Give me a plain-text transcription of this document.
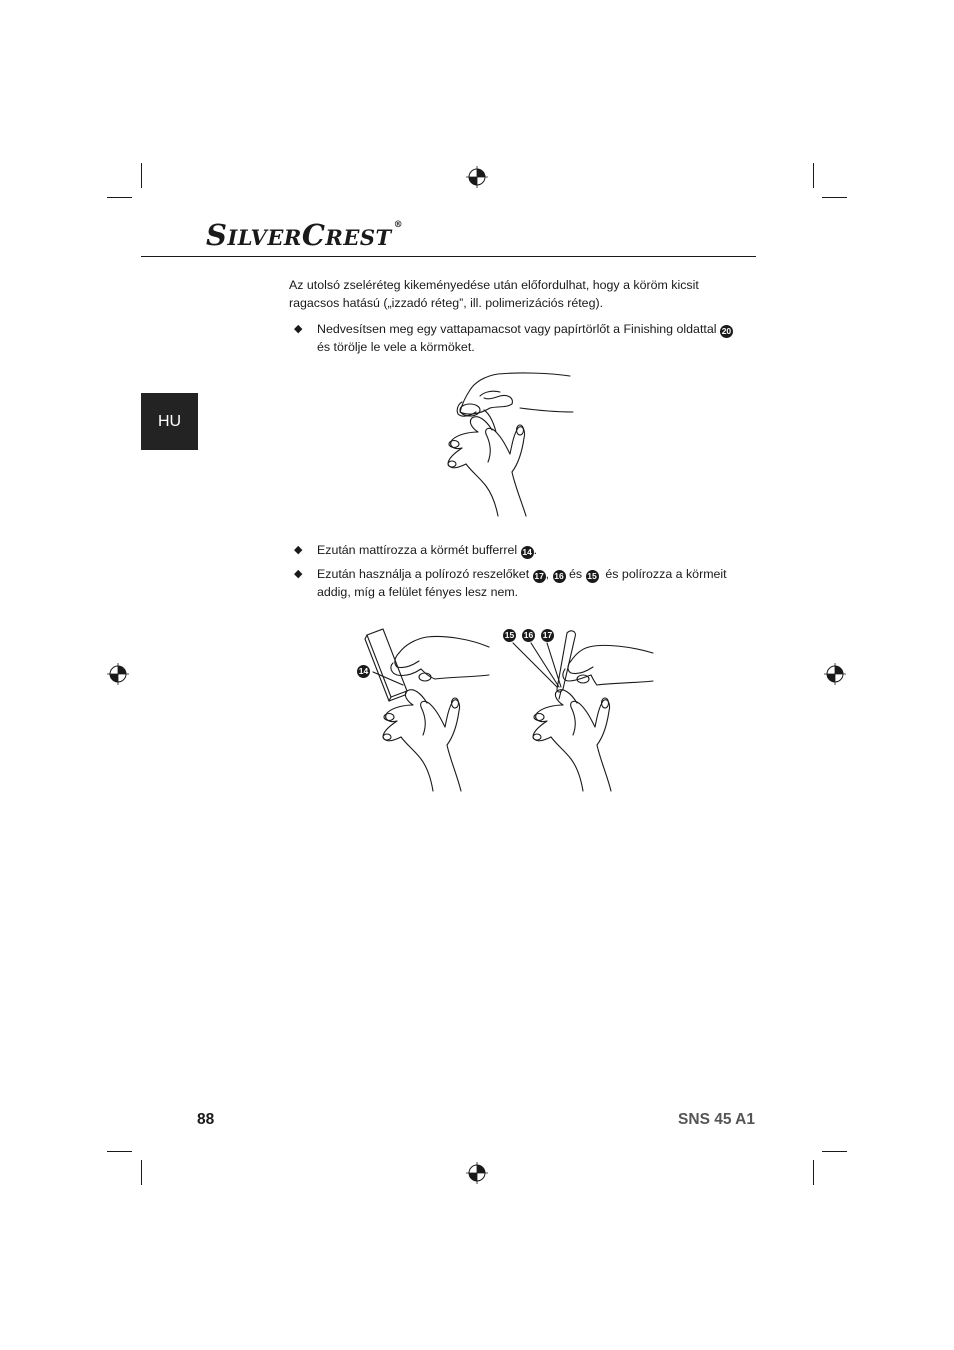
SILVERCREST ®
HU
Az utolsó zseléréteg kikeményedése után előfordulhat, hogy a köröm kicsit ragacsos hatású („izzadó réteg”, ill. polimerizációs réteg).
◆ Nedvesítsen meg egy vattapamacsot vagy papírtörlőt a Finishing oldattal 20
és törölje le vele a körmöket.
◆ Ezután mattírozza a körmét bufferrel 14 .
◆ Ezután használja a polírozó reszelőket 17 , 16 és 15 és polírozza a körmeit addig, míg a felület fényes lesz nem.
14
15 16 17
88	SNS 45 A1
